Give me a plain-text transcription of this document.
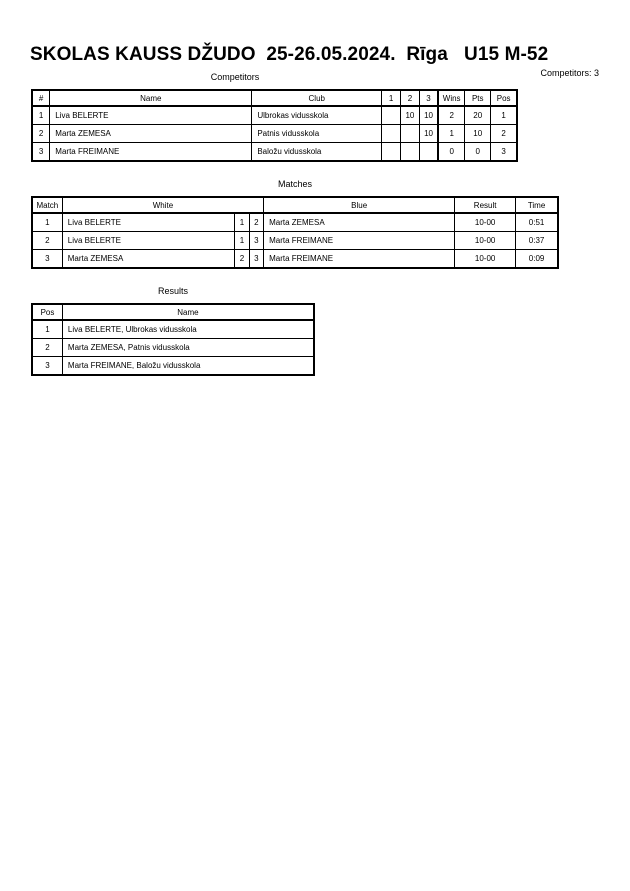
SKOLAS KAUSS DŽUDO  25-26.05.2024.  Rīga   U15 M-52
Competitors: 3
Competitors
#	Name	Club	1	2	3	Wins	Pts	Pos
1	Liva BELERTE	Ulbrokas vidusskola		10	10	2	20	1
2	Marta ZEMESA	Patnis vidusskola			10	1	10	2
3	Marta FREIMANE	Baložu vidusskola				0	0	3
Matches
Match	White			Blue	Result	Time
1	Liva BELERTE	1	2	Marta ZEMESA	10-00	0:51
2	Liva BELERTE	1	3	Marta FREIMANE	10-00	0:37
3	Marta ZEMESA	2	3	Marta FREIMANE	10-00	0:09
Results
Pos	Name
1	Liva BELERTE, Ulbrokas vidusskola
2	Marta ZEMESA, Patnis vidusskola
3	Marta FREIMANE, Baložu vidusskola
